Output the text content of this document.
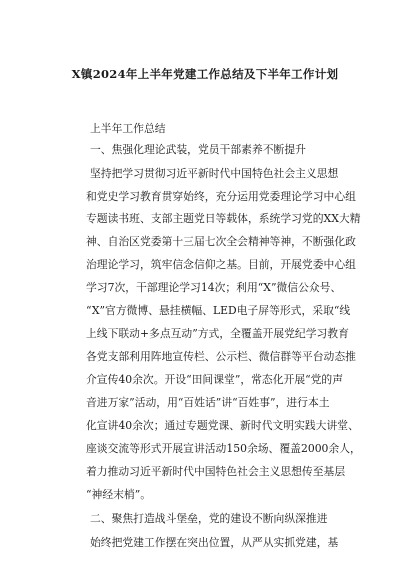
X镇2024年上半年党建工作总结及下半年工作计划
上半年工作总结
一、焦强化理论武装，党员干部素养不断提升
坚持把学习贯彻习近平新时代中国特色社会主义思想
和党史学习教育贯穿始终，充分运用党委理论学习中心组
专题读书班、支部主题党日等载体，系统学习党的XX大精
神、自治区党委第十三届七次全会精神等神，不断强化政
治理论学习，筑牢信念信仰之基。目前，开展党委中心组
学习7次，干部理论学习14次；利用“X”微信公众号、
“X”官方微博、悬挂横幅、LED电子屏等形式，采取“线
上线下联动+多点互动”方式，全覆盖开展党纪学习教育
各党支部利用阵地宣传栏、公示栏、微信群等平台动态推
介宣传40余次。开设“田间课堂”，常态化开展“党的声
音进万家”活动，用“百姓话”讲“百姓事”，进行本土
化宣讲40余次；通过专题党课、新时代文明实践大讲堂、
座谈交流等形式开展宣讲活动150余场、覆盖2000余人，
着力推动习近平新时代中国特色社会主义思想传至基层
“神经末梢”。
二、聚焦打造战斗堡垒，党的建设不断向纵深推进
始终把党建工作摆在突出位置，从严从实抓党建，基
